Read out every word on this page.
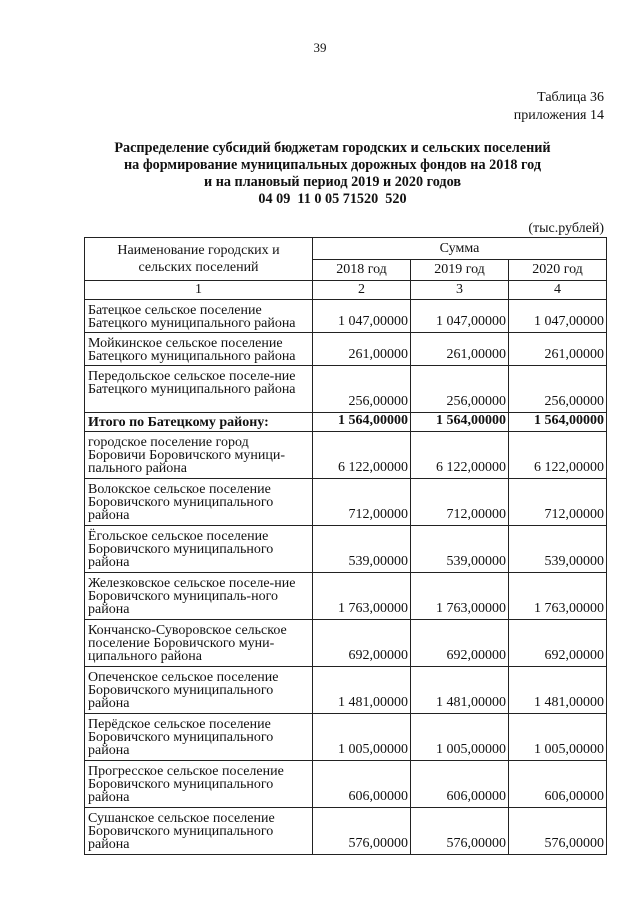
39
Таблица 36
приложения 14
Распределение субсидий бюджетам городских и сельских поселений
на формирование муниципальных дорожных фондов на 2018 год
и на плановый период 2019 и 2020 годов
04 09  11 0 05 71520  520
(тыс.рублей)
Наименование городских и сельских поселений	Сумма		
	2018 год	2019 год	2020 год
1	2	3	4
Батецкое сельское поселение Батецкого муниципального района	1 047,00000	1 047,00000	1 047,00000
Мойкинское сельское поселение Батецкого муниципального района	261,00000	261,00000	261,00000
Передольское сельское поселе-ние Батецкого муниципального района	256,00000	256,00000	256,00000
Итого по Батецкому району:	1 564,00000	1 564,00000	1 564,00000
городское поселение город Боровичи Боровичского муници-пального района	6 122,00000	6 122,00000	6 122,00000
Волокское сельское поселение Боровичского муниципального района	712,00000	712,00000	712,00000
Ёгольское сельское поселение Боровичского муниципального района	539,00000	539,00000	539,00000
Железковское сельское поселе-ние Боровичского муниципаль-ного района	1 763,00000	1 763,00000	1 763,00000
Кончанско-Суворовское сельское поселение Боровичского муни-ципального района	692,00000	692,00000	692,00000
Опеченское сельское поселение Боровичского муниципального района	1 481,00000	1 481,00000	1 481,00000
Перёдское сельское поселение Боровичского муниципального района	1 005,00000	1 005,00000	1 005,00000
Прогресское сельское поселение Боровичского муниципального района	606,00000	606,00000	606,00000
Сушанское сельское поселение Боровичского муниципального района	576,00000	576,00000	576,00000
